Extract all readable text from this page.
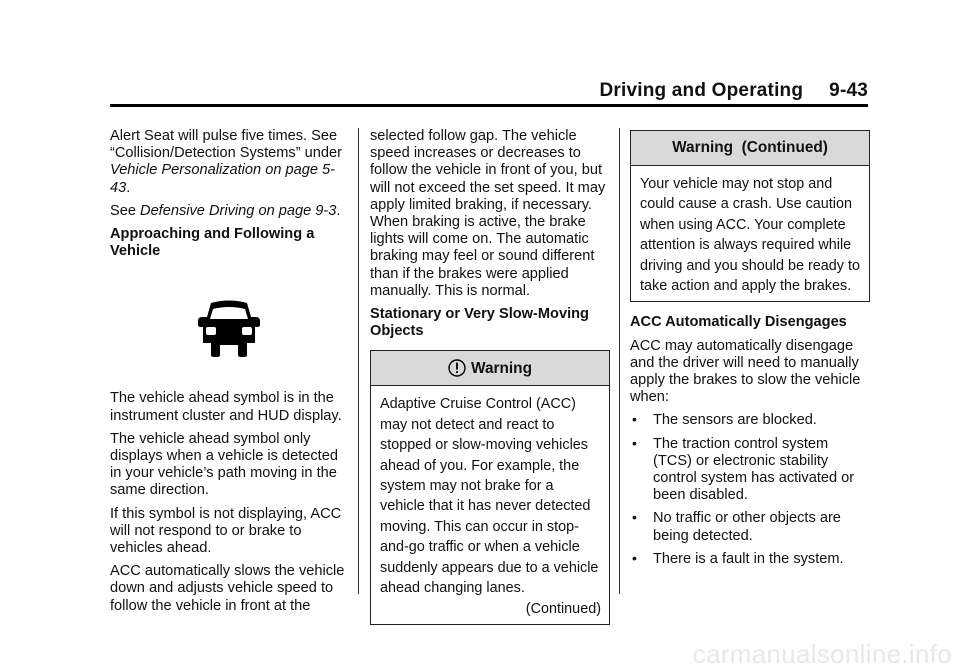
Driving and Operating 9-43

Alert Seat will pulse five times. See “Collision/Detection Systems” under Vehicle Personalization on page 5-43.

See Defensive Driving on page 9-3.

Approaching and Following a Vehicle

The vehicle ahead symbol is in the instrument cluster and HUD display.

The vehicle ahead symbol only displays when a vehicle is detected in your vehicle’s path moving in the same direction.

If this symbol is not displaying, ACC will not respond to or brake to vehicles ahead.

ACC automatically slows the vehicle down and adjusts vehicle speed to follow the vehicle in front at the

selected follow gap. The vehicle speed increases or decreases to follow the vehicle in front of you, but will not exceed the set speed. It may apply limited braking, if necessary. When braking is active, the brake lights will come on. The automatic braking may feel or sound different than if the brakes were applied manually. This is normal.

Stationary or Very Slow-Moving Objects
Warning
Adaptive Cruise Control (ACC) may not detect and react to stopped or slow-moving vehicles ahead of you. For example, the system may not brake for a vehicle that it has never detected moving. This can occur in stop-and-go traffic or when a vehicle suddenly appears due to a vehicle ahead changing lanes.
(Continued)
Warning  (Continued)
Your vehicle may not stop and could cause a crash. Use caution when using ACC. Your complete attention is always required while driving and you should be ready to take action and apply the brakes.
ACC Automatically Disengages

ACC may automatically disengage and the driver will need to manually apply the brakes to slow the vehicle when:

• The sensors are blocked.
• The traction control system (TCS) or electronic stability control system has activated or been disabled.
• No traffic or other objects are being detected.
• There is a fault in the system.
carmanualsonline.info
